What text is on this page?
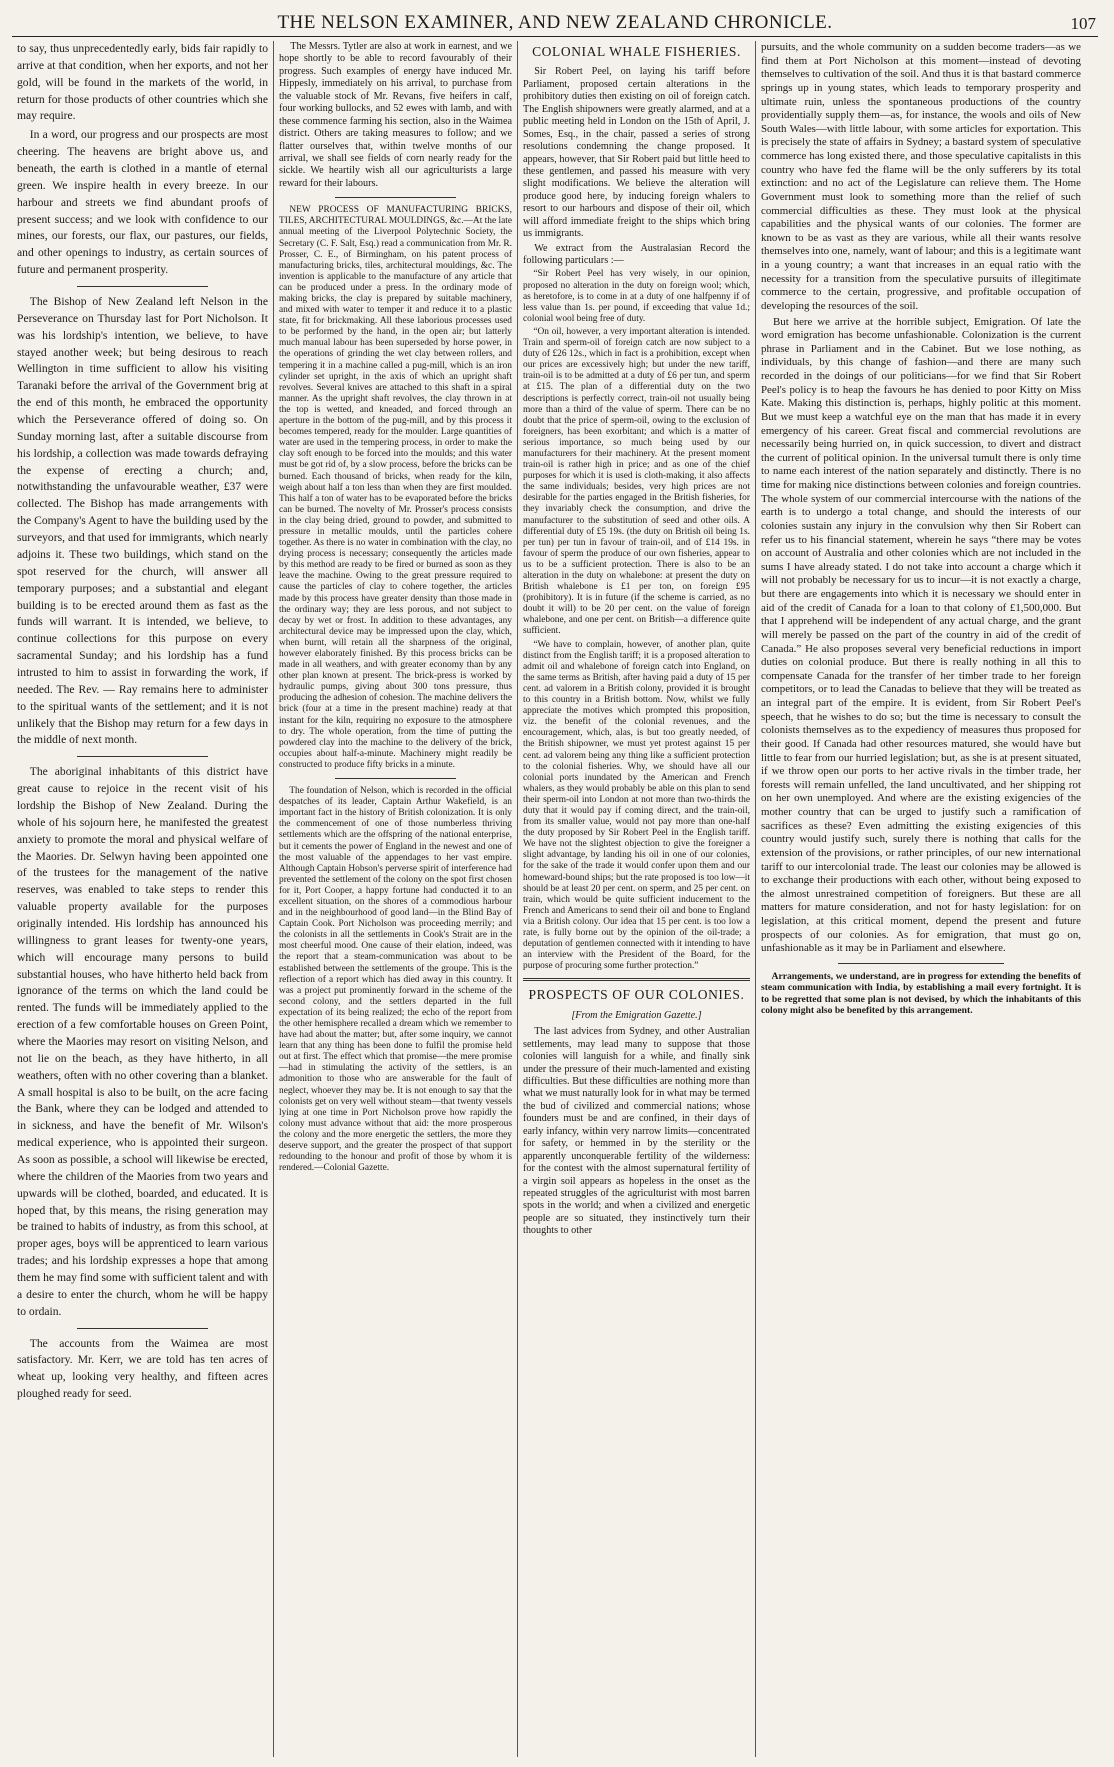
THE NELSON EXAMINER, AND NEW ZEALAND CHRONICLE.	107

to say, thus unprecedentedly early, bids fair rapidly to arrive at that condition, when her exports, and not her gold, will be found in the markets of the world, in return for those products of other countries which she may require.

In a word, our progress and our prospects are most cheering. The heavens are bright above us, and beneath, the earth is clothed in a mantle of eternal green. We inspire health in every breeze. In our harbour and streets we find abundant proofs of present success; and we look with confidence to our mines, our forests, our flax, our pastures, our fields, and other openings to industry, as certain sources of future and permanent prosperity.

The Bishop of New Zealand left Nelson in the Perseverance on Thursday last for Port Nicholson. It was his lordship's intention, we believe, to have stayed another week; but being desirous to reach Wellington in time sufficient to allow his visiting Taranaki before the arrival of the Government brig at the end of this month, he embraced the opportunity which the Perseverance offered of doing so. On Sunday morning last, after a suitable discourse from his lordship, a collection was made towards defraying the expense of erecting a church; and, notwithstanding the unfavourable weather, £37 were collected. The Bishop has made arrangements with the Company's Agent to have the building used by the surveyors, and that used for immigrants, which nearly adjoins it. These two buildings, which stand on the spot reserved for the church, will answer all temporary purposes; and a substantial and elegant building is to be erected around them as fast as the funds will warrant. It is intended, we believe, to continue collections for this purpose on every sacramental Sunday; and his lordship has a fund intrusted to him to assist in forwarding the work, if needed. The Rev. — Ray remains here to administer to the spiritual wants of the settlement; and it is not unlikely that the Bishop may return for a few days in the middle of next month.

The aboriginal inhabitants of this district have great cause to rejoice in the recent visit of his lordship the Bishop of New Zealand. During the whole of his sojourn here, he manifested the greatest anxiety to promote the moral and physical welfare of the Maories. Dr. Selwyn having been appointed one of the trustees for the management of the native reserves, was enabled to take steps to render this valuable property available for the purposes originally intended. His lordship has announced his willingness to grant leases for twenty-one years, which will encourage many persons to build substantial houses, who have hitherto held back from ignorance of the terms on which the land could be rented. The funds will be immediately applied to the erection of a few comfortable houses on Green Point, where the Maories may resort on visiting Nelson, and not lie on the beach, as they have hitherto, in all weathers, often with no other covering than a blanket. A small hospital is also to be built, on the acre facing the Bank, where they can be lodged and attended to in sickness, and have the benefit of Mr. Wilson's medical experience, who is appointed their surgeon. As soon as possible, a school will likewise be erected, where the children of the Maories from two years and upwards will be clothed, boarded, and educated. It is hoped that, by this means, the rising generation may be trained to habits of industry, as from this school, at proper ages, boys will be apprenticed to learn various trades; and his lordship expresses a hope that among them he may find some with sufficient talent and with a desire to enter the church, whom he will be happy to ordain.

The accounts from the Waimea are most satisfactory. Mr. Kerr, we are told has ten acres of wheat up, looking very healthy, and fifteen acres ploughed ready for seed.

The Messrs. Tytler are also at work in earnest, and we hope shortly to be able to record favourably of their progress. Such examples of energy have induced Mr. Hippesly, immediately on his arrival, to purchase from the valuable stock of Mr. Revans, five heifers in calf, four working bullocks, and 52 ewes with lamb, and with these commence farming his section, also in the Waimea district. Others are taking measures to follow; and we flatter ourselves that, within twelve months of our arrival, we shall see fields of corn nearly ready for the sickle. We heartily wish all our agriculturists a large reward for their labours.

NEW PROCESS OF MANUFACTURING BRICKS, TILES, ARCHITECTURAL MOULDINGS, &c.—At the late annual meeting of the Liverpool Polytechnic Society, the Secretary (C. F. Salt, Esq.) read a communication from Mr. R. Prosser, C. E., of Birmingham, on his patent process of manufacturing bricks, tiles, architectural mouldings, &c. The invention is applicable to the manufacture of any article that can be produced under a press. In the ordinary mode of making bricks, the clay is prepared by suitable machinery, and mixed with water to temper it and reduce it to a plastic state, fit for brickmaking. All these laborious processes used to be performed by the hand, in the open air; but latterly much manual labour has been superseded by horse power, in the operations of grinding the wet clay between rollers, and tempering it in a machine called a pug-mill, which is an iron cylinder set upright, in the axis of which an upright shaft revolves. Several knives are attached to this shaft in a spiral manner. As the upright shaft revolves, the clay thrown in at the top is wetted, and kneaded, and forced through an aperture in the bottom of the pug-mill, and by this process it becomes tempered, ready for the moulder. Large quantities of water are used in the tempering process, in order to make the clay soft enough to be forced into the moulds; and this water must be got rid of, by a slow process, before the bricks can be burned. Each thousand of bricks, when ready for the kiln, weigh about half a ton less than when they are first moulded. This half a ton of water has to be evaporated before the bricks can be burned. The novelty of Mr. Prosser's process consists in the clay being dried, ground to powder, and submitted to pressure in metallic moulds, until the particles cohere together. As there is no water in combination with the clay, no drying process is necessary; consequently the articles made by this method are ready to be fired or burned as soon as they leave the machine. Owing to the great pressure required to cause the particles of clay to cohere together, the articles made by this process have greater density than those made in the ordinary way; they are less porous, and not subject to decay by wet or frost. In addition to these advantages, any architectural device may be impressed upon the clay, which, when burnt, will retain all the sharpness of the original, however elaborately finished. By this process bricks can be made in all weathers, and with greater economy than by any other plan known at present. The brick-press is worked by hydraulic pumps, giving about 300 tons pressure, thus producing the adhesion of cohesion. The machine delivers the brick (four at a time in the present machine) ready at that instant for the kiln, requiring no exposure to the atmosphere to dry. The whole operation, from the time of putting the powdered clay into the machine to the delivery of the brick, occupies about half-a-minute. Machinery might readily be constructed to produce fifty bricks in a minute.

The foundation of Nelson, which is recorded in the official despatches of its leader, Captain Arthur Wakefield, is an important fact in the history of British colonization. It is only the commencement of one of those numberless thriving settlements which are the offspring of the national enterprise, but it cements the power of England in the newest and one of the most valuable of the appendages to her vast empire. Although Captain Hobson's perverse spirit of interference had prevented the settlement of the colony on the spot first chosen for it, Port Cooper, a happy fortune had conducted it to an excellent situation, on the shores of a commodious harbour and in the neighbourhood of good land—in the Blind Bay of Captain Cook. Port Nicholson was proceeding merrily; and the colonists in all the settlements in Cook's Strait are in the most cheerful mood. One cause of their elation, indeed, was the report that a steam-communication was about to be established between the settlements of the groupe. This is the reflection of a report which has died away in this country. It was a project put prominently forward in the scheme of the second colony, and the settlers departed in the full expectation of its being realized; the echo of the report from the other hemisphere recalled a dream which we remember to have had about the matter; but, after some inquiry, we cannot learn that any thing has been done to fulfil the promise held out at first. The effect which that promise—the mere promise—had in stimulating the activity of the settlers, is an admonition to those who are answerable for the fault of neglect, whoever they may be. It is not enough to say that the colonists get on very well without steam—that twenty vessels lying at one time in Port Nicholson prove how rapidly the colony must advance without that aid: the more prosperous the colony and the more energetic the settlers, the more they deserve support, and the greater the prospect of that support redounding to the honour and profit of those by whom it is rendered.—Colonial Gazette.

COLONIAL WHALE FISHERIES.

Sir Robert Peel, on laying his tariff before Parliament, proposed certain alterations in the prohibitory duties then existing on oil of foreign catch. The English shipowners were greatly alarmed, and at a public meeting held in London on the 15th of April, J. Somes, Esq., in the chair, passed a series of strong resolutions condemning the change proposed. It appears, however, that Sir Robert paid but little heed to these gentlemen, and passed his measure with very slight modifications. We believe the alteration will produce good here, by inducing foreign whalers to resort to our harbours and dispose of their oil, which will afford immediate freight to the ships which bring us immigrants.

We extract from the Australasian Record the following particulars :—

“Sir Robert Peel has very wisely, in our opinion, proposed no alteration in the duty on foreign wool; which, as heretofore, is to come in at a duty of one halfpenny if of less value than 1s. per pound, if exceeding that value 1d.; colonial wool being free of duty.

“On oil, however, a very important alteration is intended. Train and sperm-oil of foreign catch are now subject to a duty of £26 12s., which in fact is a prohibition, except when our prices are excessively high; but under the new tariff, train-oil is to be admitted at a duty of £6 per tun, and sperm at £15. The plan of a differential duty on the two descriptions is perfectly correct, train-oil not usually being more than a third of the value of sperm. There can be no doubt that the price of sperm-oil, owing to the exclusion of foreigners, has been exorbitant; and which is a matter of serious importance, so much being used by our manufacturers for their machinery. At the present moment train-oil is rather high in price; and as one of the chief purposes for which it is used is cloth-making, it also affects the same individuals; besides, very high prices are not desirable for the parties engaged in the British fisheries, for they invariably check the consumption, and drive the manufacturer to the substitution of seed and other oils. A differential duty of £5 19s. (the duty on British oil being 1s. per tun) per tun in favour of train-oil, and of £14 19s. in favour of sperm the produce of our own fisheries, appear to us to be a sufficient protection. There is also to be an alteration in the duty on whalebone: at present the duty on British whalebone is £1 per ton, on foreign £95 (prohibitory). It is in future (if the scheme is carried, as no doubt it will) to be 20 per cent. on the value of foreign whalebone, and one per cent. on British—a difference quite sufficient.

“We have to complain, however, of another plan, quite distinct from the English tariff; it is a proposed alteration to admit oil and whalebone of foreign catch into England, on the same terms as British, after having paid a duty of 15 per cent. ad valorem in a British colony, provided it is brought to this country in a British bottom. Now, whilst we fully appreciate the motives which prompted this proposition, viz. the benefit of the colonial revenues, and the encouragement, which, alas, is but too greatly needed, of the British shipowner, we must yet protest against 15 per cent. ad valorem being any thing like a sufficient protection to the colonial fisheries. Why, we should have all our colonial ports inundated by the American and French whalers, as they would probably be able on this plan to send their sperm-oil into London at not more than two-thirds the duty that it would pay if coming direct, and the train-oil, from its smaller value, would not pay more than one-half the duty proposed by Sir Robert Peel in the English tariff. We have not the slightest objection to give the foreigner a slight advantage, by landing his oil in one of our colonies, for the sake of the trade it would confer upon them and our homeward-bound ships; but the rate proposed is too low—it should be at least 20 per cent. on sperm, and 25 per cent. on train, which would be quite sufficient inducement to the French and Americans to send their oil and bone to England via a British colony. Our idea that 15 per cent. is too low a rate, is fully borne out by the opinion of the oil-trade; a deputation of gentlemen connected with it intending to have an interview with the President of the Board, for the purpose of procuring some further protection.”

PROSPECTS OF OUR COLONIES.
[From the Emigration Gazette.]

The last advices from Sydney, and other Australian settlements, may lead many to suppose that those colonies will languish for a while, and finally sink under the pressure of their much-lamented and existing difficulties. But these difficulties are nothing more than what we must naturally look for in what may be termed the bud of civilized and commercial nations; whose founders must be and are confined, in their days of early infancy, within very narrow limits—concentrated for safety, or hemmed in by the sterility or the apparently unconquerable fertility of the wilderness: for the contest with the almost supernatural fertility of a virgin soil appears as hopeless in the onset as the repeated struggles of the agriculturist with most barren spots in the world; and when a civilized and energetic people are so situated, they instinctively turn their thoughts to other

pursuits, and the whole community on a sudden become traders—as we find them at Port Nicholson at this moment—instead of devoting themselves to cultivation of the soil. And thus it is that bastard commerce springs up in young states, which leads to temporary prosperity and ultimate ruin, unless the spontaneous productions of the country providentially supply them—as, for instance, the wools and oils of New South Wales—with little labour, with some articles for exportation. This is precisely the state of affairs in Sydney; a bastard system of speculative commerce has long existed there, and those speculative capitalists in this country who have fed the flame will be the only sufferers by its total extinction: and no act of the Legislature can relieve them. The Home Government must look to something more than the relief of such commercial difficulties as these. They must look at the physical capabilities and the physical wants of our colonies. The former are known to be as vast as they are various, while all their wants resolve themselves into one, namely, want of labour; and this is a legitimate want in a young country; a want that increases in an equal ratio with the necessity for a transition from the speculative pursuits of illegitimate commerce to the certain, progressive, and profitable occupation of developing the resources of the soil.

But here we arrive at the horrible subject, Emigration. Of late the word emigration has become unfashionable. Colonization is the current phrase in Parliament and in the Cabinet. But we lose nothing, as individuals, by this change of fashion—and there are many such recorded in the doings of our politicians—for we find that Sir Robert Peel's policy is to heap the favours he has denied to poor Kitty on Miss Kate. Making this distinction is, perhaps, highly politic at this moment. But we must keep a watchful eye on the man that has made it in every emergency of his career. Great fiscal and commercial revolutions are necessarily being hurried on, in quick succession, to divert and distract the current of political opinion. In the universal tumult there is only time to name each interest of the nation separately and distinctly. There is no time for making nice distinctions between colonies and foreign countries. The whole system of our commercial intercourse with the nations of the earth is to undergo a total change, and should the interests of our colonies sustain any injury in the convulsion why then Sir Robert can refer us to his financial statement, wherein he says “there may be votes on account of Australia and other colonies which are not included in the sums I have already stated. I do not take into account a charge which it will not probably be necessary for us to incur—it is not exactly a charge, but there are engagements into which it is necessary we should enter in aid of the credit of Canada for a loan to that colony of £1,500,000. But that I apprehend will be independent of any actual charge, and the grant will merely be passed on the part of the country in aid of the credit of Canada.” He also proposes several very beneficial reductions in import duties on colonial produce. But there is really nothing in all this to compensate Canada for the transfer of her timber trade to her foreign competitors, or to lead the Canadas to believe that they will be treated as an integral part of the empire. It is evident, from Sir Robert Peel's speech, that he wishes to do so; but the time is necessary to consult the colonists themselves as to the expediency of measures thus proposed for their good. If Canada had other resources matured, she would have but little to fear from our hurried legislation; but, as she is at present situated, if we throw open our ports to her active rivals in the timber trade, her forests will remain unfelled, the land uncultivated, and her shipping rot on her own unemployed. And where are the existing exigencies of the mother country that can be urged to justify such a ramification of sacrifices as these? Even admitting the existing exigencies of this country would justify such, surely there is nothing that calls for the extension of the provisions, or rather principles, of our new international tariff to our intercolonial trade. The least our colonies may be allowed is to exchange their productions with each other, without being exposed to the almost unrestrained competition of foreigners. But these are all matters for mature consideration, and not for hasty legislation: for on legislation, at this critical moment, depend the present and future prospects of our colonies. As for emigration, that must go on, unfashionable as it may be in Parliament and elsewhere.

Arrangements, we understand, are in progress for extending the benefits of steam communication with India, by establishing a mail every fortnight. It is to be regretted that some plan is not devised, by which the inhabitants of this colony might also be benefited by this arrangement.
